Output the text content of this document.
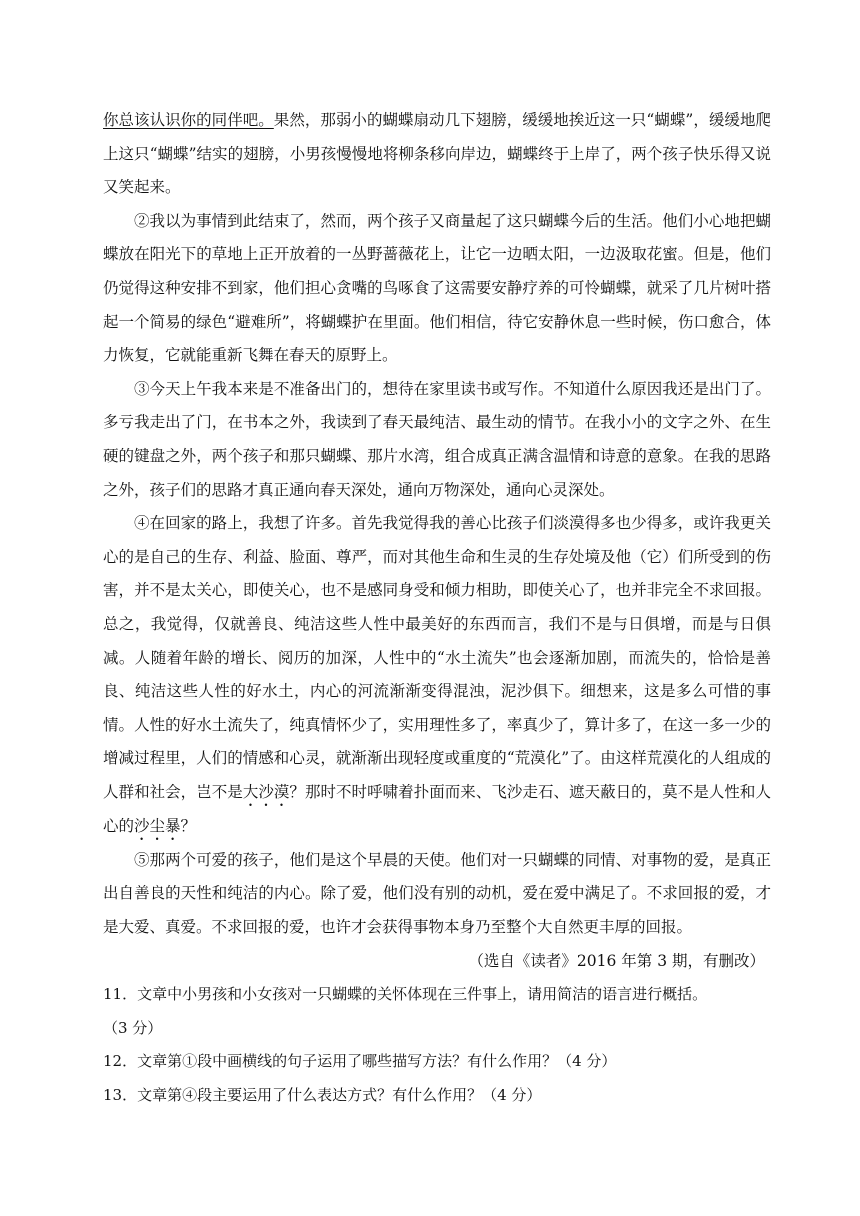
你总该认识你的同伴吧。果然，那弱小的蝴蝶扇动几下翅膀，缓缓地挨近这一只“蝴蝶”，缓缓地爬上这只“蝴蝶”结实的翅膀，小男孩慢慢地将柳条移向岸边，蝴蝶终于上岸了，两个孩子快乐得又说又笑起来。

②我以为事情到此结束了，然而，两个孩子又商量起了这只蝴蝶今后的生活。他们小心地把蝴蝶放在阳光下的草地上正开放着的一丛野蔷薇花上，让它一边晒太阳，一边汲取花蜜。但是，他们仍觉得这种安排不到家，他们担心贪嘴的鸟啄食了这需要安静疗养的可怜蝴蝶，就采了几片树叶搭起一个简易的绿色“避难所”，将蝴蝶护在里面。他们相信，待它安静休息一些时候，伤口愈合，体力恢复，它就能重新飞舞在春天的原野上。

③今天上午我本来是不准备出门的，想待在家里读书或写作。不知道什么原因我还是出门了。多亏我走出了门，在书本之外，我读到了春天最纯洁、最生动的情节。在我小小的文字之外、在生硬的键盘之外，两个孩子和那只蝴蝶、那片水湾，组合成真正满含温情和诗意的意象。在我的思路之外，孩子们的思路才真正通向春天深处，通向万物深处，通向心灵深处。

④在回家的路上，我想了许多。首先我觉得我的善心比孩子们淡漠得多也少得多，或许我更关心的是自己的生存、利益、脸面、尊严，而对其他生命和生灵的生存处境及他（它）们所受到的伤害，并不是太关心，即使关心，也不是感同身受和倾力相助，即使关心了，也并非完全不求回报。总之，我觉得，仅就善良、纯洁这些人性中最美好的东西而言，我们不是与日俱增，而是与日俱减。人随着年龄的增长、阅历的加深，人性中的“水土流失”也会逐渐加剧，而流失的，恰恰是善良、纯洁这些人性的好水土，内心的河流渐渐变得混浊，泥沙俱下。细想来，这是多么可惜的事情。人性的好水土流失了，纯真情怀少了，实用理性多了，率真少了，算计多了，在这一多一少的增减过程里，人们的情感和心灵，就渐渐出现轻度或重度的“荒漠化”了。由这样荒漠化的人组成的人群和社会，岂不是大沙漠？那时不时呼啸着扑面而来、飞沙走石、遮天蔽日的，莫不是人性和人心的沙尘暴？

⑤那两个可爱的孩子，他们是这个早晨的天使。他们对一只蝴蝶的同情、对事物的爱，是真正出自善良的天性和纯洁的内心。除了爱，他们没有别的动机，爱在爱中满足了。不求回报的爱，才是大爱、真爱。不求回报的爱，也许才会获得事物本身乃至整个大自然更丰厚的回报。

（选自《读者》2016 年第 3 期，有删改）

11．文章中小男孩和小女孩对一只蝴蝶的关怀体现在三件事上，请用简洁的语言进行概括。

（3 分）

12．文章第①段中画横线的句子运用了哪些描写方法？有什么作用？（4 分）

13．文章第④段主要运用了什么表达方式？有什么作用？（4 分）
